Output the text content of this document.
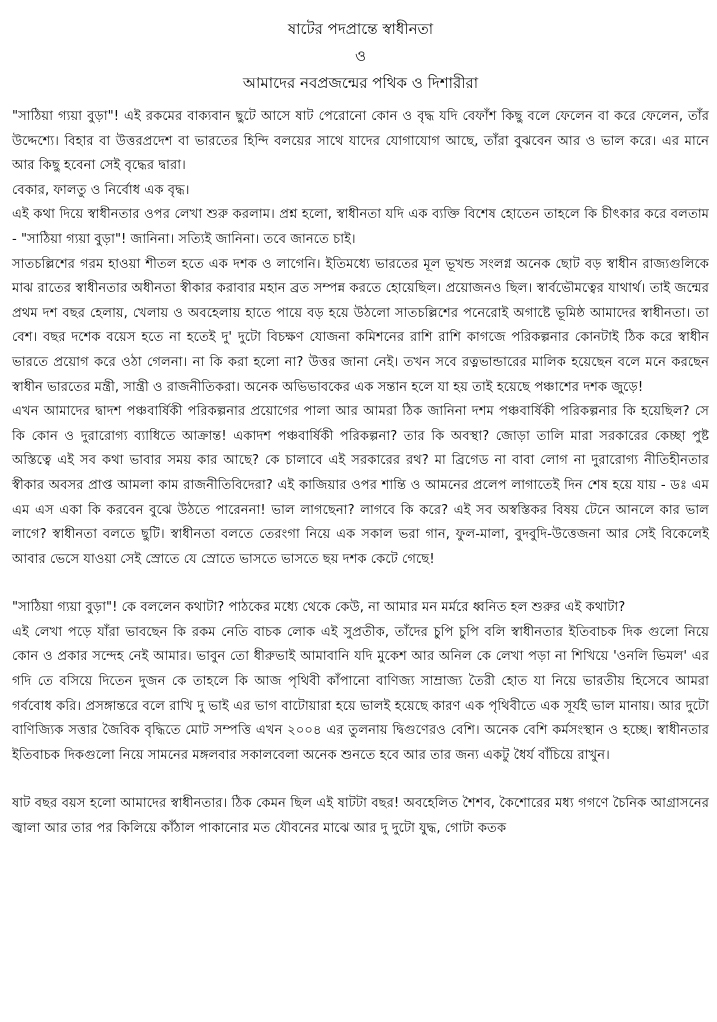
ষাটের পদপ্রান্তে স্বাধীনতা

ও

আমাদের নবপ্রজন্মের পথিক ও দিশারীরা

"সাঠিয়া গ্যয়া বুড়া"! এই রকমের বাক্যবান ছুটে আসে ষাট পেরোনো কোন ও বৃদ্ধ যদি বেফাঁশ কিছু বলে ফেলেন বা করে ফেলেন, তাঁর উদ্দেশ্যে। বিহার বা উত্তরপ্রদেশ বা ভারতের হিন্দি বলয়ের সাথে যাদের যোগাযোগ আছে, তাঁরা বুঝবেন আর ও ভাল করে। এর মানে আর কিছু হবেনা সেই বৃদ্ধের দ্বারা।

বেকার, ফালতু ও নির্বোধ এক বৃদ্ধ।

এই কথা দিয়ে স্বাধীনতার ওপর লেখা শুরু করলাম। প্রশ্ন হলো, স্বাধীনতা যদি এক ব্যক্তি বিশেষ হোতেন তাহলে কি চীৎকার করে বলতাম - "সাঠিয়া গ্যয়া বুড়া"! জানিনা। সত্যিই জানিনা। তবে জানতে চাই।

সাতচল্লিশের গরম হাওয়া শীতল হতে এক দশক ও লাগেনি। ইতিমধ্যে ভারতের মূল ভূখন্ড সংলগ্ন অনেক ছোট বড় স্বাধীন রাজ্যগুলিকে মাঝ রাতের স্বাধীনতার অধীনতা স্বীকার করাবার মহান ব্রত সম্পন্ন করতে হোয়েছিল। প্রয়োজনও ছিল। স্বার্বভৌমত্বের যাথার্থ। তাই জন্মের প্রথম দশ বছর হেলায়, খেলায় ও অবহেলায় হাতে পায়ে বড় হয়ে উঠলো সাতচল্লিশের পনেরোই অগাষ্টে ভূমিষ্ঠ আমাদের স্বাধীনতা। তা বেশ। বছর দশেক বয়েস হতে না হতেই দু' দুটো বিচক্ষণ যোজনা কমিশনের রাশি রাশি কাগজে পরিকল্পনার কোনটাই ঠিক করে স্বাধীন ভারতে প্রয়োগ করে ওঠা গেলনা। না কি করা হলো না? উত্তর জানা নেই। তখন সবে রত্নভান্ডারের মালিক হয়েছেন বলে মনে করছেন স্বাধীন ভারতের মন্ত্রী, সান্ত্রী ও রাজনীতিকরা। অনেক অভিভাবকের এক সন্তান হলে যা হয় তাই হয়েছে পঞ্চাশের দশক জুড়ে!

এখন আমাদের দ্বাদশ পঞ্চবার্ষিকী পরিকল্পনার প্রয়োগের পালা আর আমরা ঠিক জানিনা দশম পঞ্চবার্ষিকী পরিকল্পনার কি হয়েছিল? সে কি কোন ও দুরারোগ্য ব্যাধিতে আক্রান্ত! একাদশ পঞ্চবার্ষিকী পরিকল্পনা? তার কি অবস্থা? জোড়া তালি মারা সরকারের কেচ্ছা পুষ্ট অস্তিত্বে এই সব কথা ভাবার সময় কার আছে? কে চালাবে এই সরকারের রথ? মা ব্রিগেড না বাবা লোগ না দুরারোগ্য নীতিহীনতার স্বীকার অবসর প্রাপ্ত আমলা কাম রাজনীতিবিদেরা? এই কাজিয়ার ওপর শান্তি ও আমনের প্রলেপ লাগাতেই দিন শেষ হয়ে যায় - ডঃ এম এম এস একা কি করবেন বুঝে উঠতে পারেননা! ভাল লাগছেনা? লাগবে কি করে? এই সব অস্বস্তিকর বিষয় টেনে আনলে কার ভাল লাগে? স্বাধীনতা বলতে ছুটি। স্বাধীনতা বলতে তেরংগা নিয়ে এক সকাল ভরা গান, ফুল-মালা, বুদবুদি-উত্তেজনা আর সেই বিকেলেই আবার ভেসে যাওয়া সেই স্রোতে যে স্রোতে ভাসতে ভাসতে ছয় দশক কেটে গেছে!

"সাঠিয়া গ্যয়া বুড়া"! কে বললেন কথাটা? পাঠকের মধ্যে থেকে কেউ, না আমার মন মর্মরে ধ্বনিত হল শুরুর এই কথাটা?

এই লেখা পড়ে যাঁরা ভাবছেন কি রকম নেতি বাচক লোক এই সুপ্রতীক, তাঁদের চুপি চুপি বলি স্বাধীনতার ইতিবাচক দিক গুলো নিয়ে কোন ও প্রকার সন্দেহ নেই আমার। ভাবুন তো ধীরুভাই আমাবানি যদি মুকেশ আর অনিল কে লেখা পড়া না শিখিয়ে 'ওনলি ভিমল' এর গদি তে বসিয়ে দিতেন দুজন কে তাহলে কি আজ পৃথিবী কাঁপানো বাণিজ্য সাম্রাজ্য তৈরী হোত যা নিয়ে ভারতীয় হিসেবে আমরা গর্ববোধ করি। প্রসঙ্গান্তরে বলে রাখি দু ভাই এর ভাগ বাটোয়ারা হয়ে ভালই হয়েছে কারণ এক পৃথিবীতে এক সূর্যই ভাল মানায়। আর দুটো বাণিজ্যিক সত্তার জৈবিক বৃদ্ধিতে মোট সম্পত্তি এখন ২০০৪ এর তুলনায় দ্বিগুণেরও বেশি। অনেক বেশি কর্মসংস্থান ও হচ্ছে। স্বাধীনতার ইতিবাচক দিকগুলো নিয়ে সামনের মঙ্গলবার সকালবেলা অনেক শুনতে হবে আর তার জন্য একটু ধৈর্য বাঁচিয়ে রাখুন।

ষাট বছর বয়স হলো আমাদের স্বাধীনতার। ঠিক কেমন ছিল এই ষাটটা বছর! অবহেলিত শৈশব, কৈশোরের মধ্য গগণে চৈনিক আগ্রাসনের জ্বালা আর তার পর কিলিয়ে কাঁঠাল পাকানোর মত যৌবনের মাঝে আর দু দুটো যুদ্ধ, গোটা কতক
